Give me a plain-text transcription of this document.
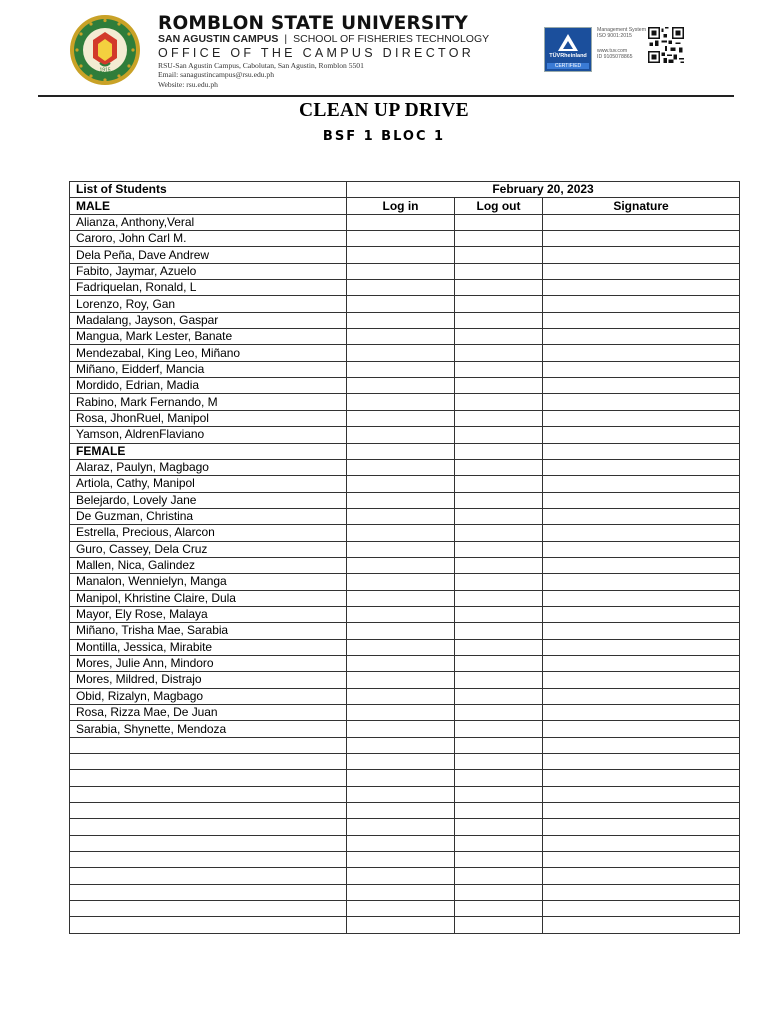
1915
ROMBLON STATE UNIVERSITY
SAN AGUSTIN CAMPUS | SCHOOL OF FISHERIES TECHNOLOGY
OFFICE OF THE CAMPUS DIRECTOR
RSU-San Agustin Campus, Cabolutan, San Agustin, Romblon 5501
Email: sanagustincampus@rsu.edu.ph
Website: rsu.edu.ph
TÜVRheinland
CERTIFIED
Management System
ISO 9001:2015
www.tuv.com
ID 9105078865
CLEAN UP DRIVE
BSF 1 BLOC 1
List of Students	February 20, 2023		
MALE	Log in	Log out	Signature
Alianza, Anthony,Veral			
Caroro, John Carl M.			
Dela Peña, Dave Andrew			
Fabito, Jaymar, Azuelo			
Fadriquelan, Ronald, L			
Lorenzo, Roy, Gan			
Madalang, Jayson, Gaspar			
Mangua, Mark Lester, Banate			
Mendezabal, King Leo, Miñano			
Miñano, Eidderf, Mancia			
Mordido, Edrian, Madia			
Rabino, Mark Fernando, M			
Rosa, JhonRuel, Manipol			
Yamson, AldrenFlaviano			
FEMALE			
Alaraz, Paulyn, Magbago			
Artiola, Cathy, Manipol			
Belejardo, Lovely Jane			
De Guzman, Christina			
Estrella, Precious, Alarcon			
Guro, Cassey, Dela Cruz			
Mallen, Nica, Galindez			
Manalon, Wennielyn, Manga			
Manipol, Khristine Claire, Dula			
Mayor, Ely Rose, Malaya			
Miñano, Trisha Mae, Sarabia			
Montilla, Jessica, Mirabite			
Mores, Julie Ann, Mindoro			
Mores, Mildred, Distrajo			
Obid, Rizalyn, Magbago			
Rosa, Rizza Mae, De Juan			
Sarabia, Shynette, Mendoza			
